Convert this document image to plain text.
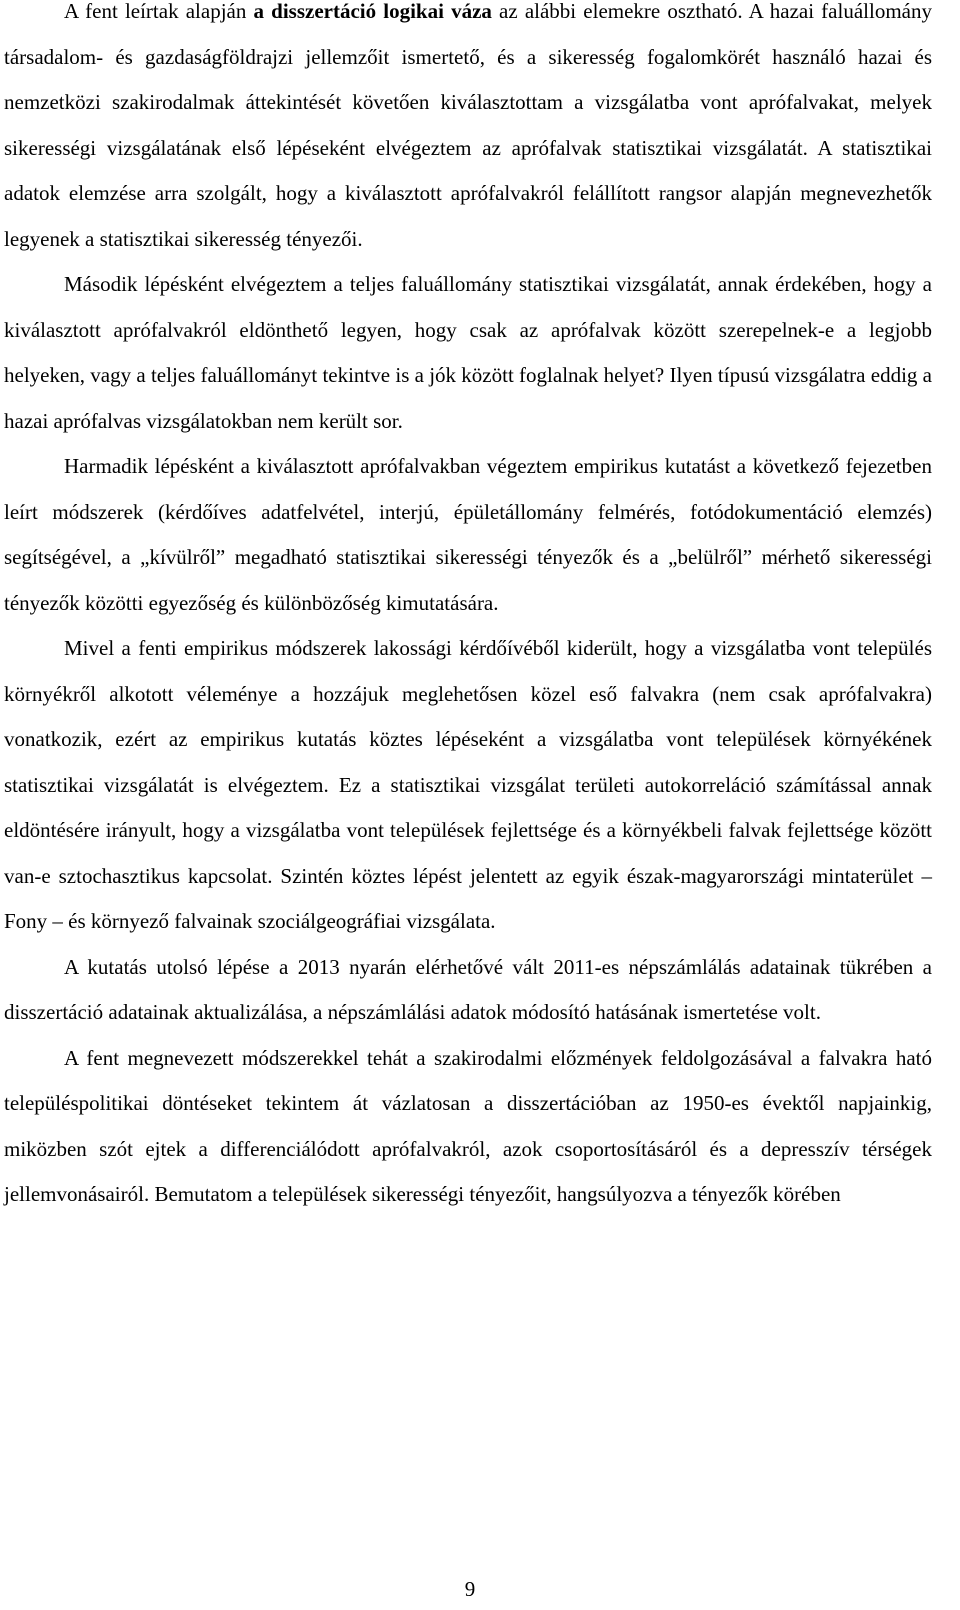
A fent leírtak alapján a disszertáció logikai váza az alábbi elemekre osztható. A hazai faluállomány társadalom- és gazdaságföldrajzi jellemzőit ismertető, és a sikeresség fogalomkörét használó hazai és nemzetközi szakirodalmak áttekintését követően kiválasztottam a vizsgálatba vont aprófalvakat, melyek sikerességi vizsgálatának első lépéseként elvégeztem az aprófalvak statisztikai vizsgálatát. A statisztikai adatok elemzése arra szolgált, hogy a kiválasztott aprófalvakról felállított rangsor alapján megnevezhetők legyenek a statisztikai sikeresség tényezői.

Második lépésként elvégeztem a teljes faluállomány statisztikai vizsgálatát, annak érdekében, hogy a kiválasztott aprófalvakról eldönthető legyen, hogy csak az aprófalvak között szerepelnek-e a legjobb helyeken, vagy a teljes faluállományt tekintve is a jók között foglalnak helyet? Ilyen típusú vizsgálatra eddig a hazai aprófalvas vizsgálatokban nem került sor.

Harmadik lépésként a kiválasztott aprófalvakban végeztem empirikus kutatást a következő fejezetben leírt módszerek (kérdőíves adatfelvétel, interjú, épületállomány felmérés, fotódokumentáció elemzés) segítségével, a „kívülről” megadható statisztikai sikerességi tényezők és a „belülről” mérhető sikerességi tényezők közötti egyezőség és különbözőség kimutatására.

Mivel a fenti empirikus módszerek lakossági kérdőívéből kiderült, hogy a vizsgálatba vont település környékről alkotott véleménye a hozzájuk meglehetősen közel eső falvakra (nem csak aprófalvakra) vonatkozik, ezért az empirikus kutatás köztes lépéseként a vizsgálatba vont települések környékének statisztikai vizsgálatát is elvégeztem. Ez a statisztikai vizsgálat területi autokorreláció számítással annak eldöntésére irányult, hogy a vizsgálatba vont települések fejlettsége és a környékbeli falvak fejlettsége között van-e sztochasztikus kapcsolat. Szintén köztes lépést jelentett az egyik észak-magyarországi mintaterület – Fony – és környező falvainak szociálgeográfiai vizsgálata.

A kutatás utolsó lépése a 2013 nyarán elérhetővé vált 2011-es népszámlálás adatainak tükrében a disszertáció adatainak aktualizálása, a népszámlálási adatok módosító hatásának ismertetése volt.

A fent megnevezett módszerekkel tehát a szakirodalmi előzmények feldolgozásával a falvakra ható településpolitikai döntéseket tekintem át vázlatosan a disszertációban az 1950-es évektől napjainkig, miközben szót ejtek a differenciálódott aprófalvakról, azok csoportosításáról és a depresszív térségek jellemvonásairól. Bemutatom a települések sikerességi tényezőit, hangsúlyozva a tényezők körében

9
